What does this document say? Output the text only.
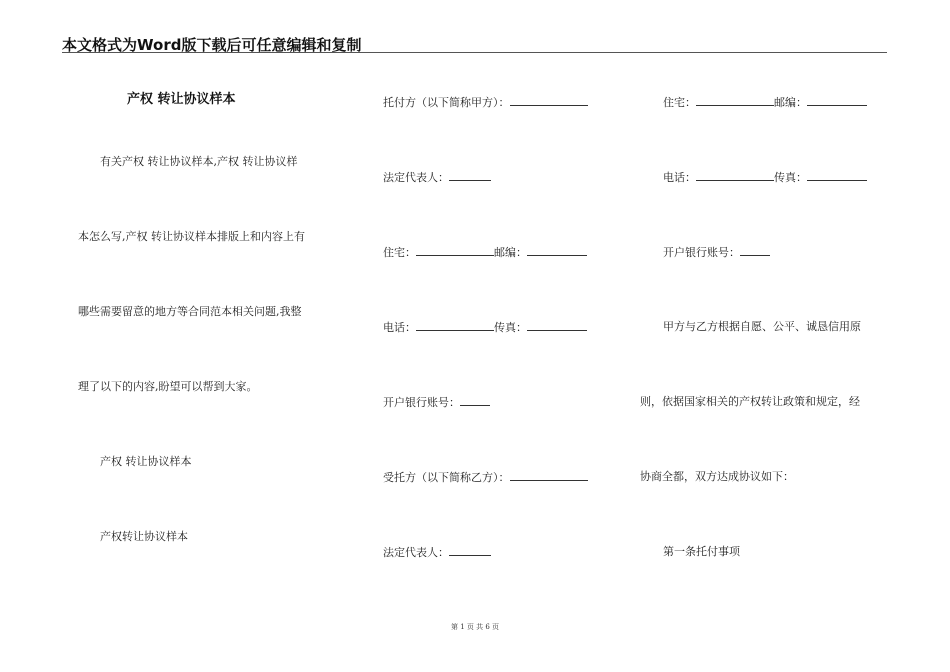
本文格式为Word版下载后可任意编辑和复制
产权 转让协议样本
有关产权 转让协议样本,产权 转让协议样
本怎么写,产权 转让协议样本排版上和内容上有
哪些需要留意的地方等合同范本相关问题,我整
理了以下的内容,盼望可以帮到大家。
产权 转让协议样本
产权转让协议样本
托付方（以下简称甲方）：
法定代表人：
住宅：	邮编：
电话：	传真：
开户银行账号：
受托方（以下简称乙方）：
法定代表人：
住宅：	邮编：
电话：	传真：
开户银行账号：
甲方与乙方根据自愿、公平、诚恳信用原
则，依据国家相关的产权转让政策和规定，经
协商全都，双方达成协议如下：
第一条托付事项
第 1 页 共 6 页
